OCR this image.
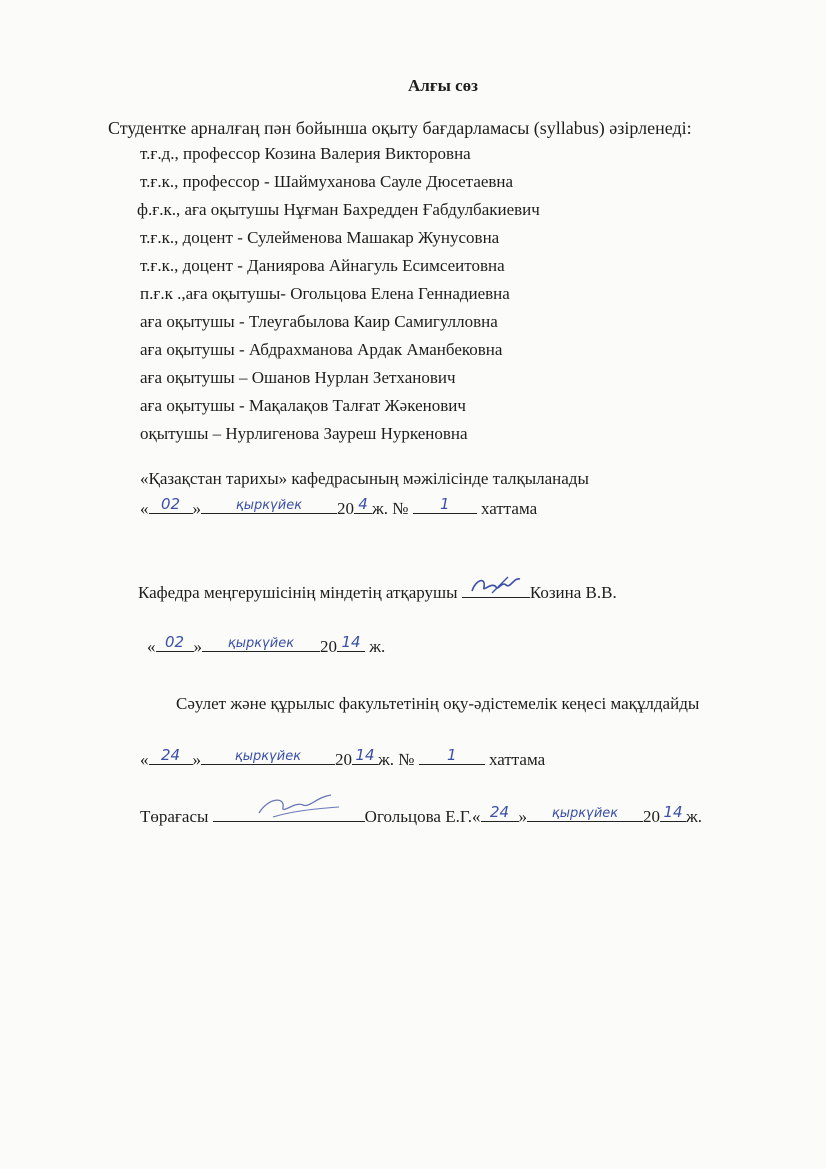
Алғы сөз
Студентке арналғаң пән бойынша оқыту бағдарламасы (syllabus) әзірленеді:
т.ғ.д., профессор Козина Валерия Викторовна
т.ғ.к., профессор - Шаймуханова Сауле Дюсетаевна
ф.ғ.к., аға оқытушы Нұғман Бахредден Ғабдулбакиевич
т.ғ.к., доцент - Сулейменова Машакар Жунусовна
т.ғ.к., доцент - Даниярова Айнагуль Есимсеитовна
п.ғ.к .,аға оқытушы- Огольцова Елена Геннадиевна
аға оқытушы - Тлеугабылова Каир Самигулловна
аға оқытушы - Абдрахманова Ардак Аманбековна
аға оқытушы – Ошанов Нурлан Зетханович
аға оқытушы - Мақалақов Талғат Жәкенович
оқытушы – Нурлигенова Зауреш Нуркеновна
«Қазақстан тарихы» кафедрасының мәжілісінде талқыланады
« 02 »	қыркүйек	20 4 ж. №	1	хаттама
Кафедра меңгерушісінің міндетің атқарушы	Козина В.В.
« 02 »	қыркүйек	20 14 ж.
Сәулет және құрылыс факультетінің оқу-әдістемелік кеңесі мақұлдайды
« 24 »	қыркүйек	20 14 ж. №	1	хаттама
Төрағасы	Огольцова Е.Г.« 24 »	қыркүйек	20 14 ж.
